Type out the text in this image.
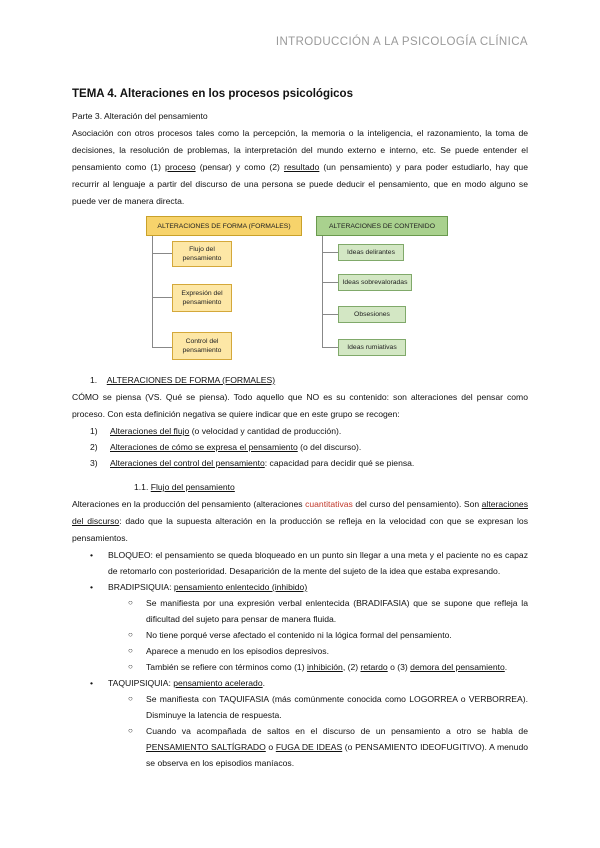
INTRODUCCIÓN A LA PSICOLOGÍA CLÍNICA
TEMA 4. Alteraciones en los procesos psicológicos

Parte 3. Alteración del pensamiento

Asociación con otros procesos tales como la percepción, la memoria o la inteligencia, el razonamiento, la toma de decisiones, la resolución de problemas, la interpretación del mundo externo e interno, etc. Se puede entender el pensamiento como (1) proceso (pensar) y como (2) resultado (un pensamiento) y para poder estudiarlo, hay que recurrir al lenguaje a partir del discurso de una persona se puede deducir el pensamiento, que en modo alguno se puede ver de manera directa.

ALTERACIONES DE FORMA (FORMALES)
Flujo del pensamiento
Expresión del pensamiento
Control del pensamiento
ALTERACIONES DE CONTENIDO
Ideas delirantes
Ideas sobrevaloradas
Obsesiones
Ideas rumiativas

1. ALTERACIONES DE FORMA (FORMALES)

CÓMO se piensa (VS. Qué se piensa). Todo aquello que NO es su contenido: son alteraciones del pensar como proceso. Con esta definición negativa se quiere indicar que en este grupo se recogen:

1) Alteraciones del flujo (o velocidad y cantidad de producción).
2) Alteraciones de cómo se expresa el pensamiento (o del discurso).
3) Alteraciones del control del pensamiento: capacidad para decidir qué se piensa.

1.1. Flujo del pensamiento

Alteraciones en la producción del pensamiento (alteraciones cuantitativas del curso del pensamiento). Son alteraciones del discurso: dado que la supuesta alteración en la producción se refleja en la velocidad con que se expresan los pensamientos.

• BLOQUEO: el pensamiento se queda bloqueado en un punto sin llegar a una meta y el paciente no es capaz de retomarlo con posterioridad. Desaparición de la mente del sujeto de la idea que estaba expresando.
• BRADIPSIQUIA: pensamiento enlentecido (inhibido)
○ Se manifiesta por una expresión verbal enlentecida (BRADIFASIA) que se supone que refleja la dificultad del sujeto para pensar de manera fluida.
○ No tiene porqué verse afectado el contenido ni la lógica formal del pensamiento.
○ Aparece a menudo en los episodios depresivos.
○ También se refiere con términos como (1) inhibición, (2) retardo o (3) demora del pensamiento.
• TAQUIPSIQUIA: pensamiento acelerado.
○ Se manifiesta con TAQUIFASIA (más comúnmente conocida como LOGORREA o VERBORREA). Disminuye la latencia de respuesta.
○ Cuando va acompañada de saltos en el discurso de un pensamiento a otro se habla de PENSAMIENTO SALTÍGRADO o FUGA DE IDEAS (o PENSAMIENTO IDEOFUGITIVO). A menudo se observa en los episodios maníacos.
